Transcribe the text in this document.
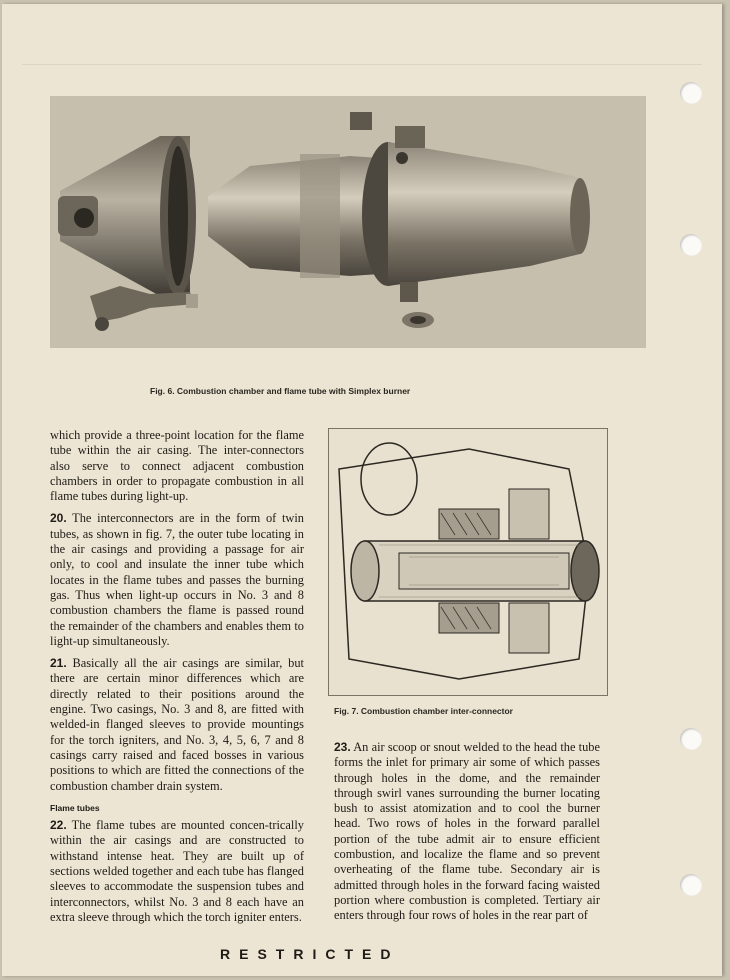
Fig. 6. Combustion chamber and flame tube with Simplex burner

which provide a three-point location for the flame tube within the air casing. The inter-connectors also serve to connect adjacent combustion chambers in order to propagate combustion in all flame tubes during light-up.

20. The interconnectors are in the form of twin tubes, as shown in fig. 7, the outer tube locating in the air casings and providing a passage for air only, to cool and insulate the inner tube which locates in the flame tubes and passes the burning gas. Thus when light-up occurs in No. 3 and 8 combustion chambers the flame is passed round the remainder of the chambers and enables them to light-up simultaneously.

21. Basically all the air casings are similar, but there are certain minor differences which are directly related to their positions around the engine. Two casings, No. 3 and 8, are fitted with welded-in flanged sleeves to provide mountings for the torch igniters, and No. 3, 4, 5, 6, 7 and 8 casings carry raised and faced bosses in various positions to which are fitted the connections of the combustion chamber drain system.

Flame tubes

22. The flame tubes are mounted concen-trically within the air casings and are constructed to withstand intense heat. They are built up of sections welded together and each tube has flanged sleeves to accommodate the suspension tubes and interconnectors, whilst No. 3 and 8 each have an extra sleeve through which the torch igniter enters.

Fig. 7. Combustion chamber inter-connector

23. An air scoop or snout welded to the head the tube forms the inlet for primary air some of which passes through holes in the dome, and the remainder through swirl vanes surrounding the burner locating bush to assist atomization and to cool the burner head. Two rows of holes in the forward parallel portion of the tube admit air to ensure efficient combustion, and localize the flame and so prevent overheating of the flame tube. Secondary air is admitted through holes in the forward facing waisted portion where combustion is completed. Tertiary air enters through four rows of holes in the rear part of

RESTRICTED
